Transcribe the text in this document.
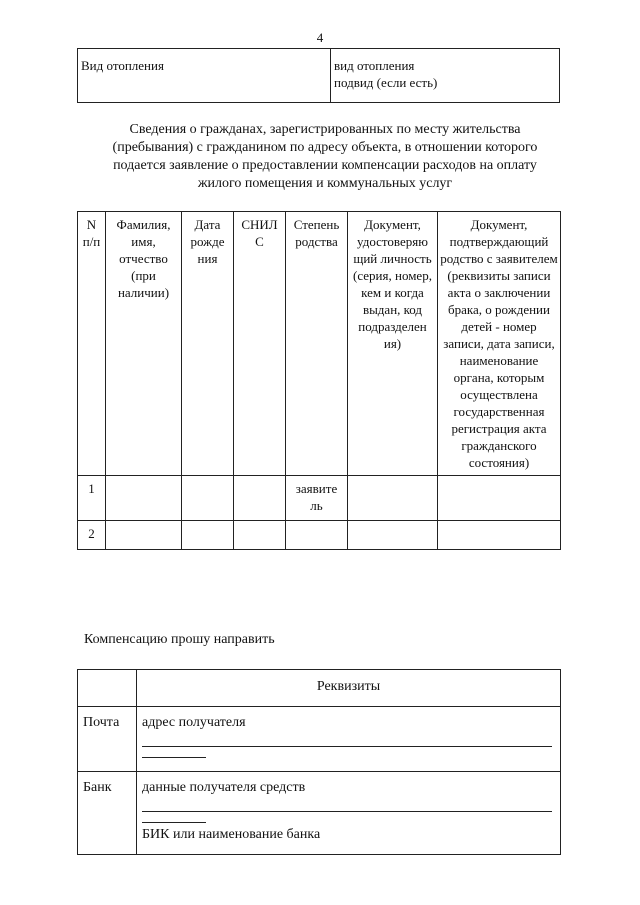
4
Вид отопления	вид отопления
подвид (если есть)
Сведения о гражданах, зарегистрированных по месту жительства (пребывания) с гражданином по адресу объекта, в отношении которого подается заявление о предоставлении компенсации расходов на оплату жилого помещения и коммунальных услуг
N п/п	Фамилия, имя, отчество (при наличии)	Дата рожде ния	СНИЛ С	Степень родства	Документ, удостоверяю щий личность (серия, номер, кем и когда выдан, код подразделен ия)	Документ, подтверждающий родство с заявителем (реквизиты записи акта о заключении брака, о рождении детей - номер записи, дата записи, наименование органа, которым осуществлена государственная регистрация акта гражданского состояния)

1				заявите ль		
2						
Компенсацию прошу направить
	Реквизиты
Почта	адрес получателя

Банк	данные получателя средств
БИК или наименование банка
